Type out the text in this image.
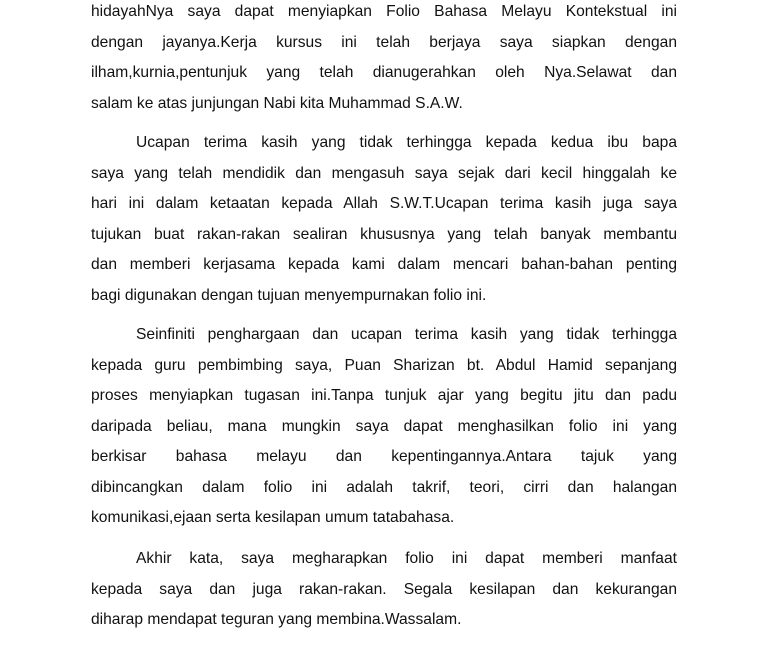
hidayahNya saya dapat menyiapkan Folio Bahasa Melayu Kontekstual ini
dengan jayanya.Kerja kursus ini telah berjaya saya siapkan dengan
ilham,kurnia,pentunjuk yang telah dianugerahkan oleh Nya.Selawat dan
salam ke atas junjungan Nabi kita Muhammad S.A.W.
Ucapan terima kasih yang tidak terhingga kepada kedua ibu bapa
saya yang telah mendidik dan mengasuh saya sejak dari kecil hinggalah ke
hari ini dalam ketaatan kepada Allah S.W.T.Ucapan terima kasih juga saya
tujukan buat rakan-rakan sealiran khususnya yang telah banyak membantu
dan memberi kerjasama kepada kami dalam mencari bahan-bahan penting
bagi digunakan dengan tujuan menyempurnakan folio ini.
Seinfiniti penghargaan dan ucapan terima kasih yang tidak terhingga
kepada guru pembimbing saya, Puan Sharizan bt. Abdul Hamid sepanjang
proses menyiapkan tugasan ini.Tanpa tunjuk ajar yang begitu jitu dan padu
daripada beliau, mana mungkin saya dapat menghasilkan folio ini yang
berkisar bahasa melayu dan kepentingannya.Antara tajuk yang
dibincangkan dalam folio ini adalah takrif, teori, cirri dan halangan
komunikasi,ejaan serta kesilapan umum tatabahasa.
Akhir kata, saya megharapkan folio ini dapat memberi manfaat
kepada saya dan juga rakan-rakan. Segala kesilapan dan kekurangan
diharap mendapat teguran yang membina.Wassalam.
